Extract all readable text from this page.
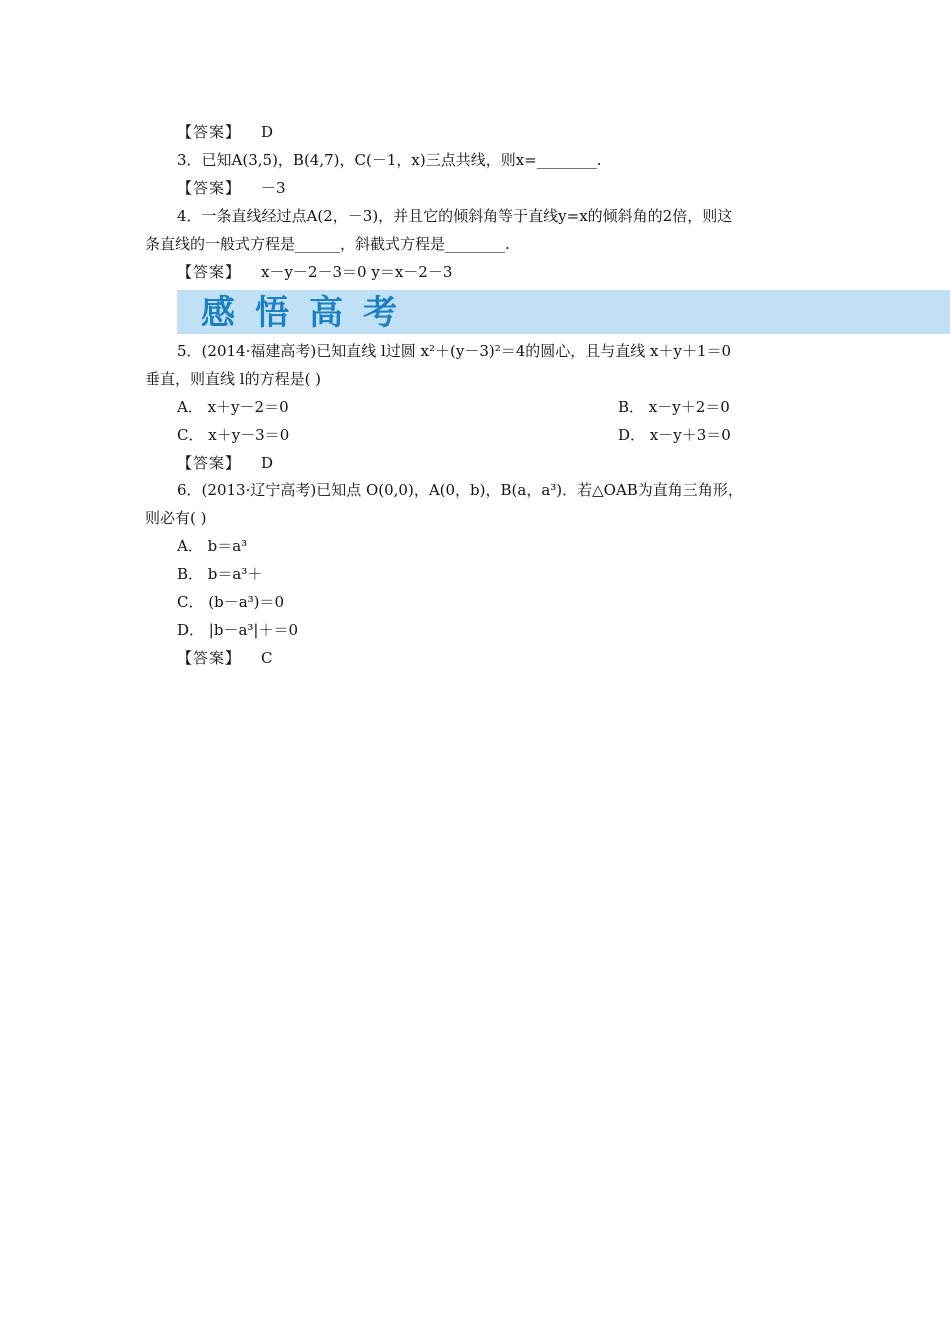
【答案】 D
3．已知A(3,5)，B(4,7)，C(－1，x)三点共线，则x=________.
【答案】 －3
4．一条直线经过点A(2，－3)，并且它的倾斜角等于直线y=x的倾斜角的2倍，则这
条直线的一般式方程是______，斜截式方程是________.
【答案】 x－y－2－3＝0 y＝x－2－3
感悟高考
5．(2014·福建高考)已知直线 l过圆 x²＋(y－3)²＝4的圆心，且与直线 x＋y＋1＝0
垂直，则直线 l的方程是( )
A． x＋y－2＝0	B． x－y＋2＝0
C． x＋y－3＝0	D． x－y＋3＝0
【答案】 D
6．(2013·辽宁高考)已知点 O(0,0)，A(0，b)，B(a，a³)．若△OAB为直角三角形，
则必有( )
A． b＝a³
B． b＝a³＋
C． (b－a³)＝0
D． |b－a³|＋＝0
【答案】 C
